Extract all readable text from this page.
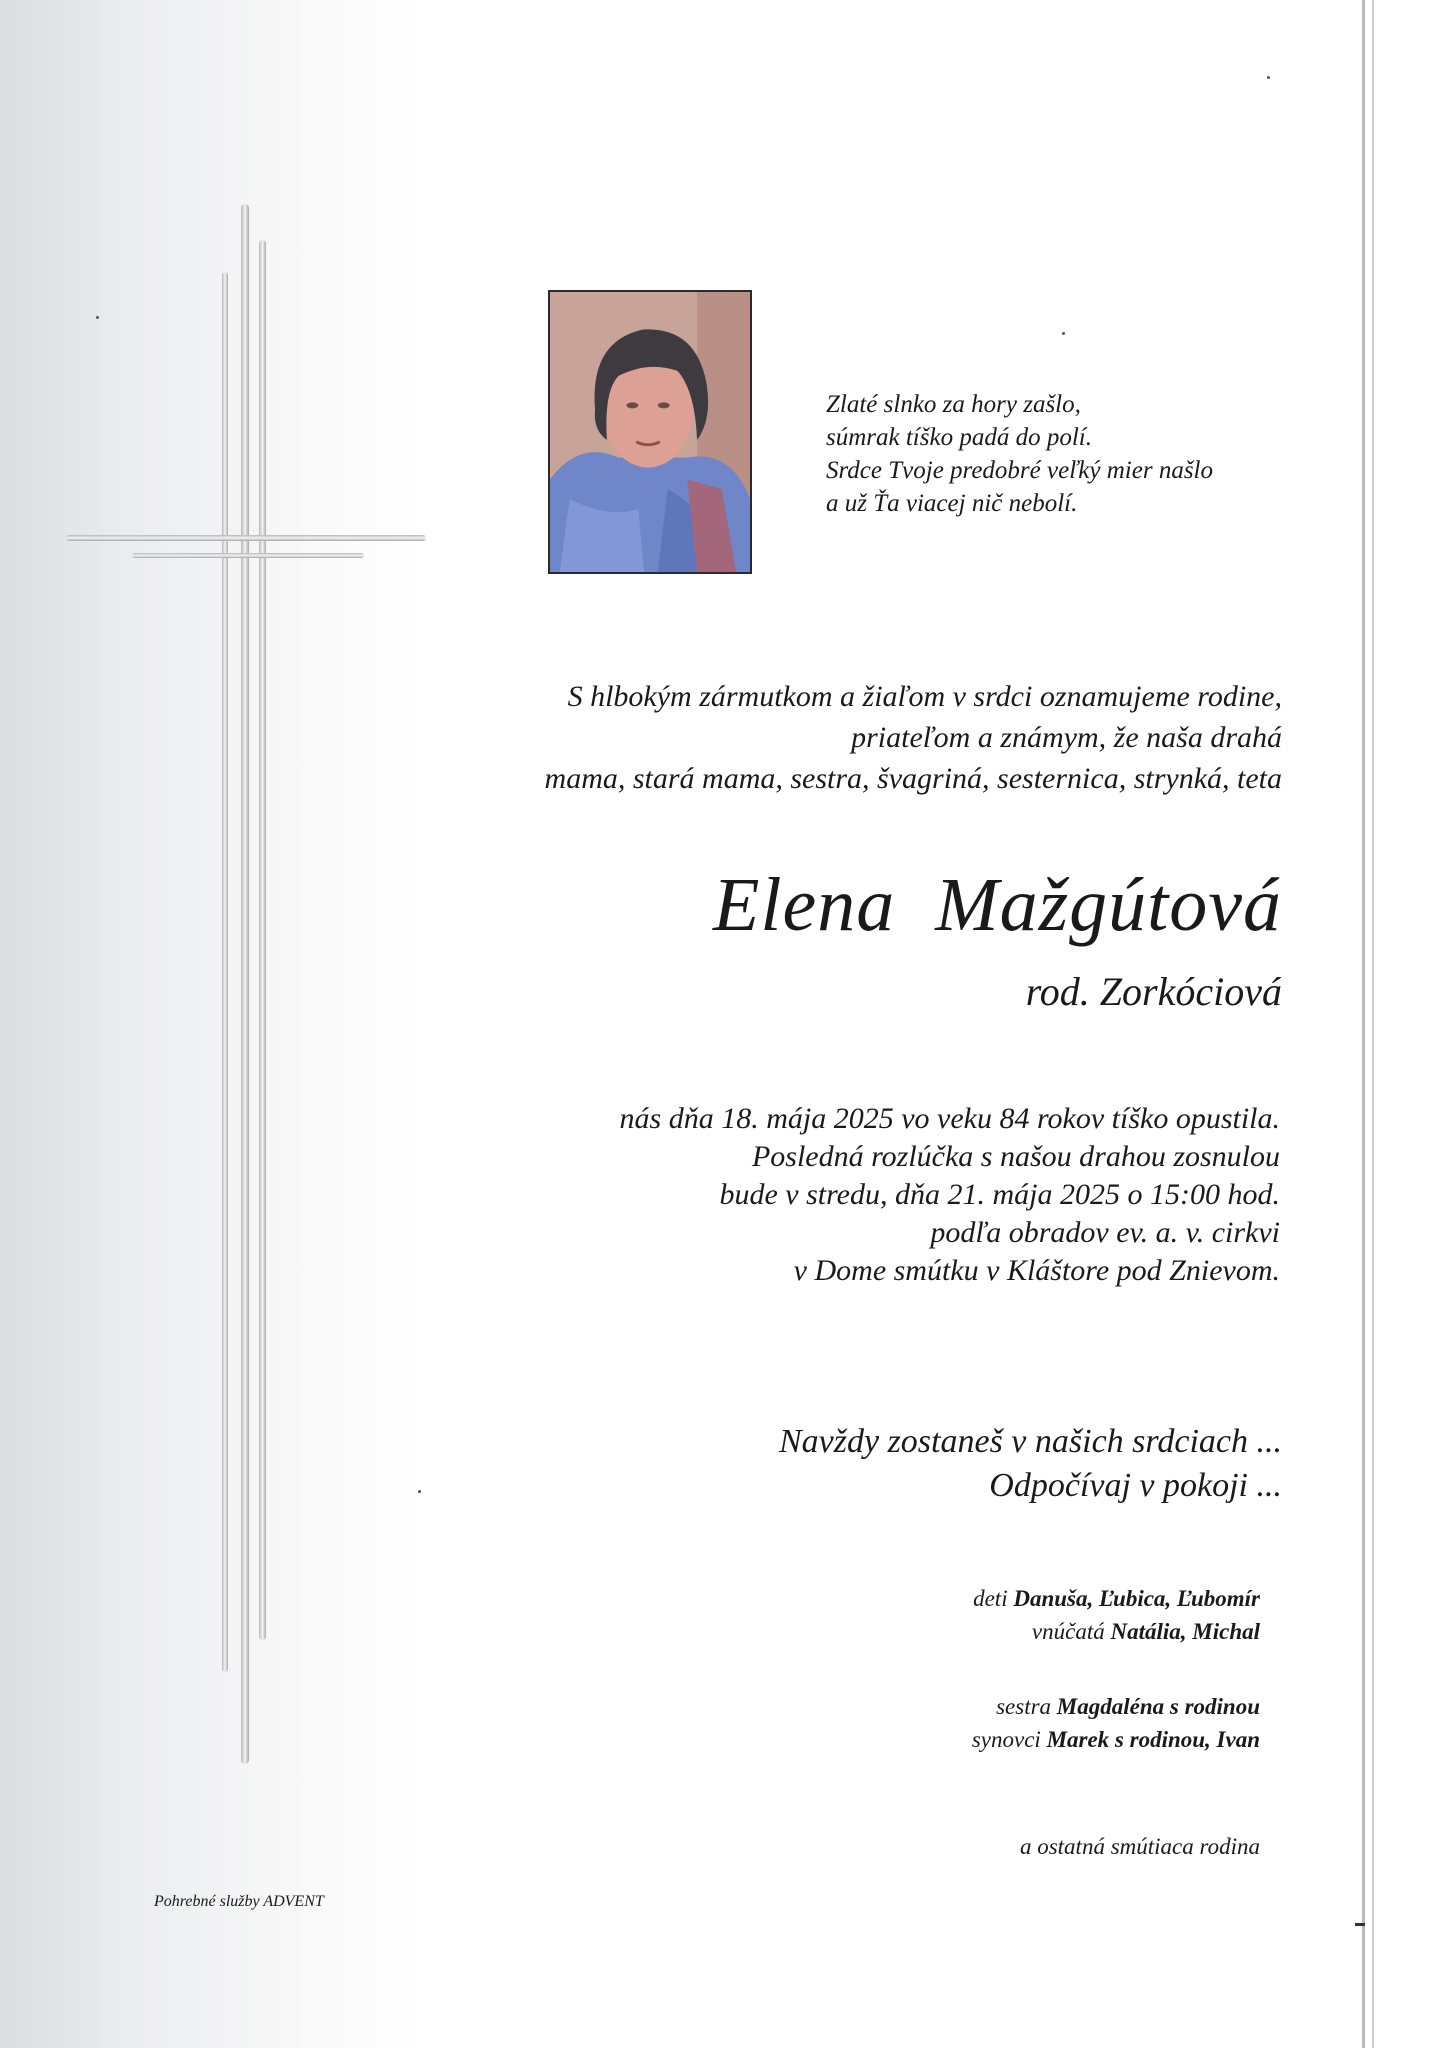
Zlaté slnko za hory zašlo,
súmrak tíško padá do polí.
Srdce Tvoje predobré veľký mier našlo
a už Ťa viacej nič nebolí.
S hlbokým zármutkom a žiaľom v srdci oznamujeme rodine,
priateľom a známym, že naša drahá
mama, stará mama, sestra, švagriná, sesternica, strynká, teta
Elena  Mažgútová
rod. Zorkóciová
nás dňa 18. mája 2025 vo veku 84 rokov tíško opustila.
Posledná rozlúčka s našou drahou zosnulou
bude v stredu, dňa 21. mája 2025 o 15:00 hod.
podľa obradov ev. a. v. cirkvi
v Dome smútku v Kláštore pod Znievom.
Navždy zostaneš v našich srdciach ...
Odpočívaj v pokoji ...
deti Danuša, Ľubica, Ľubomír
vnúčatá Natália, Michal
sestra Magdaléna s rodinou
synovci Marek s rodinou, Ivan
a ostatná smútiaca rodina
Pohrebné služby ADVENT
